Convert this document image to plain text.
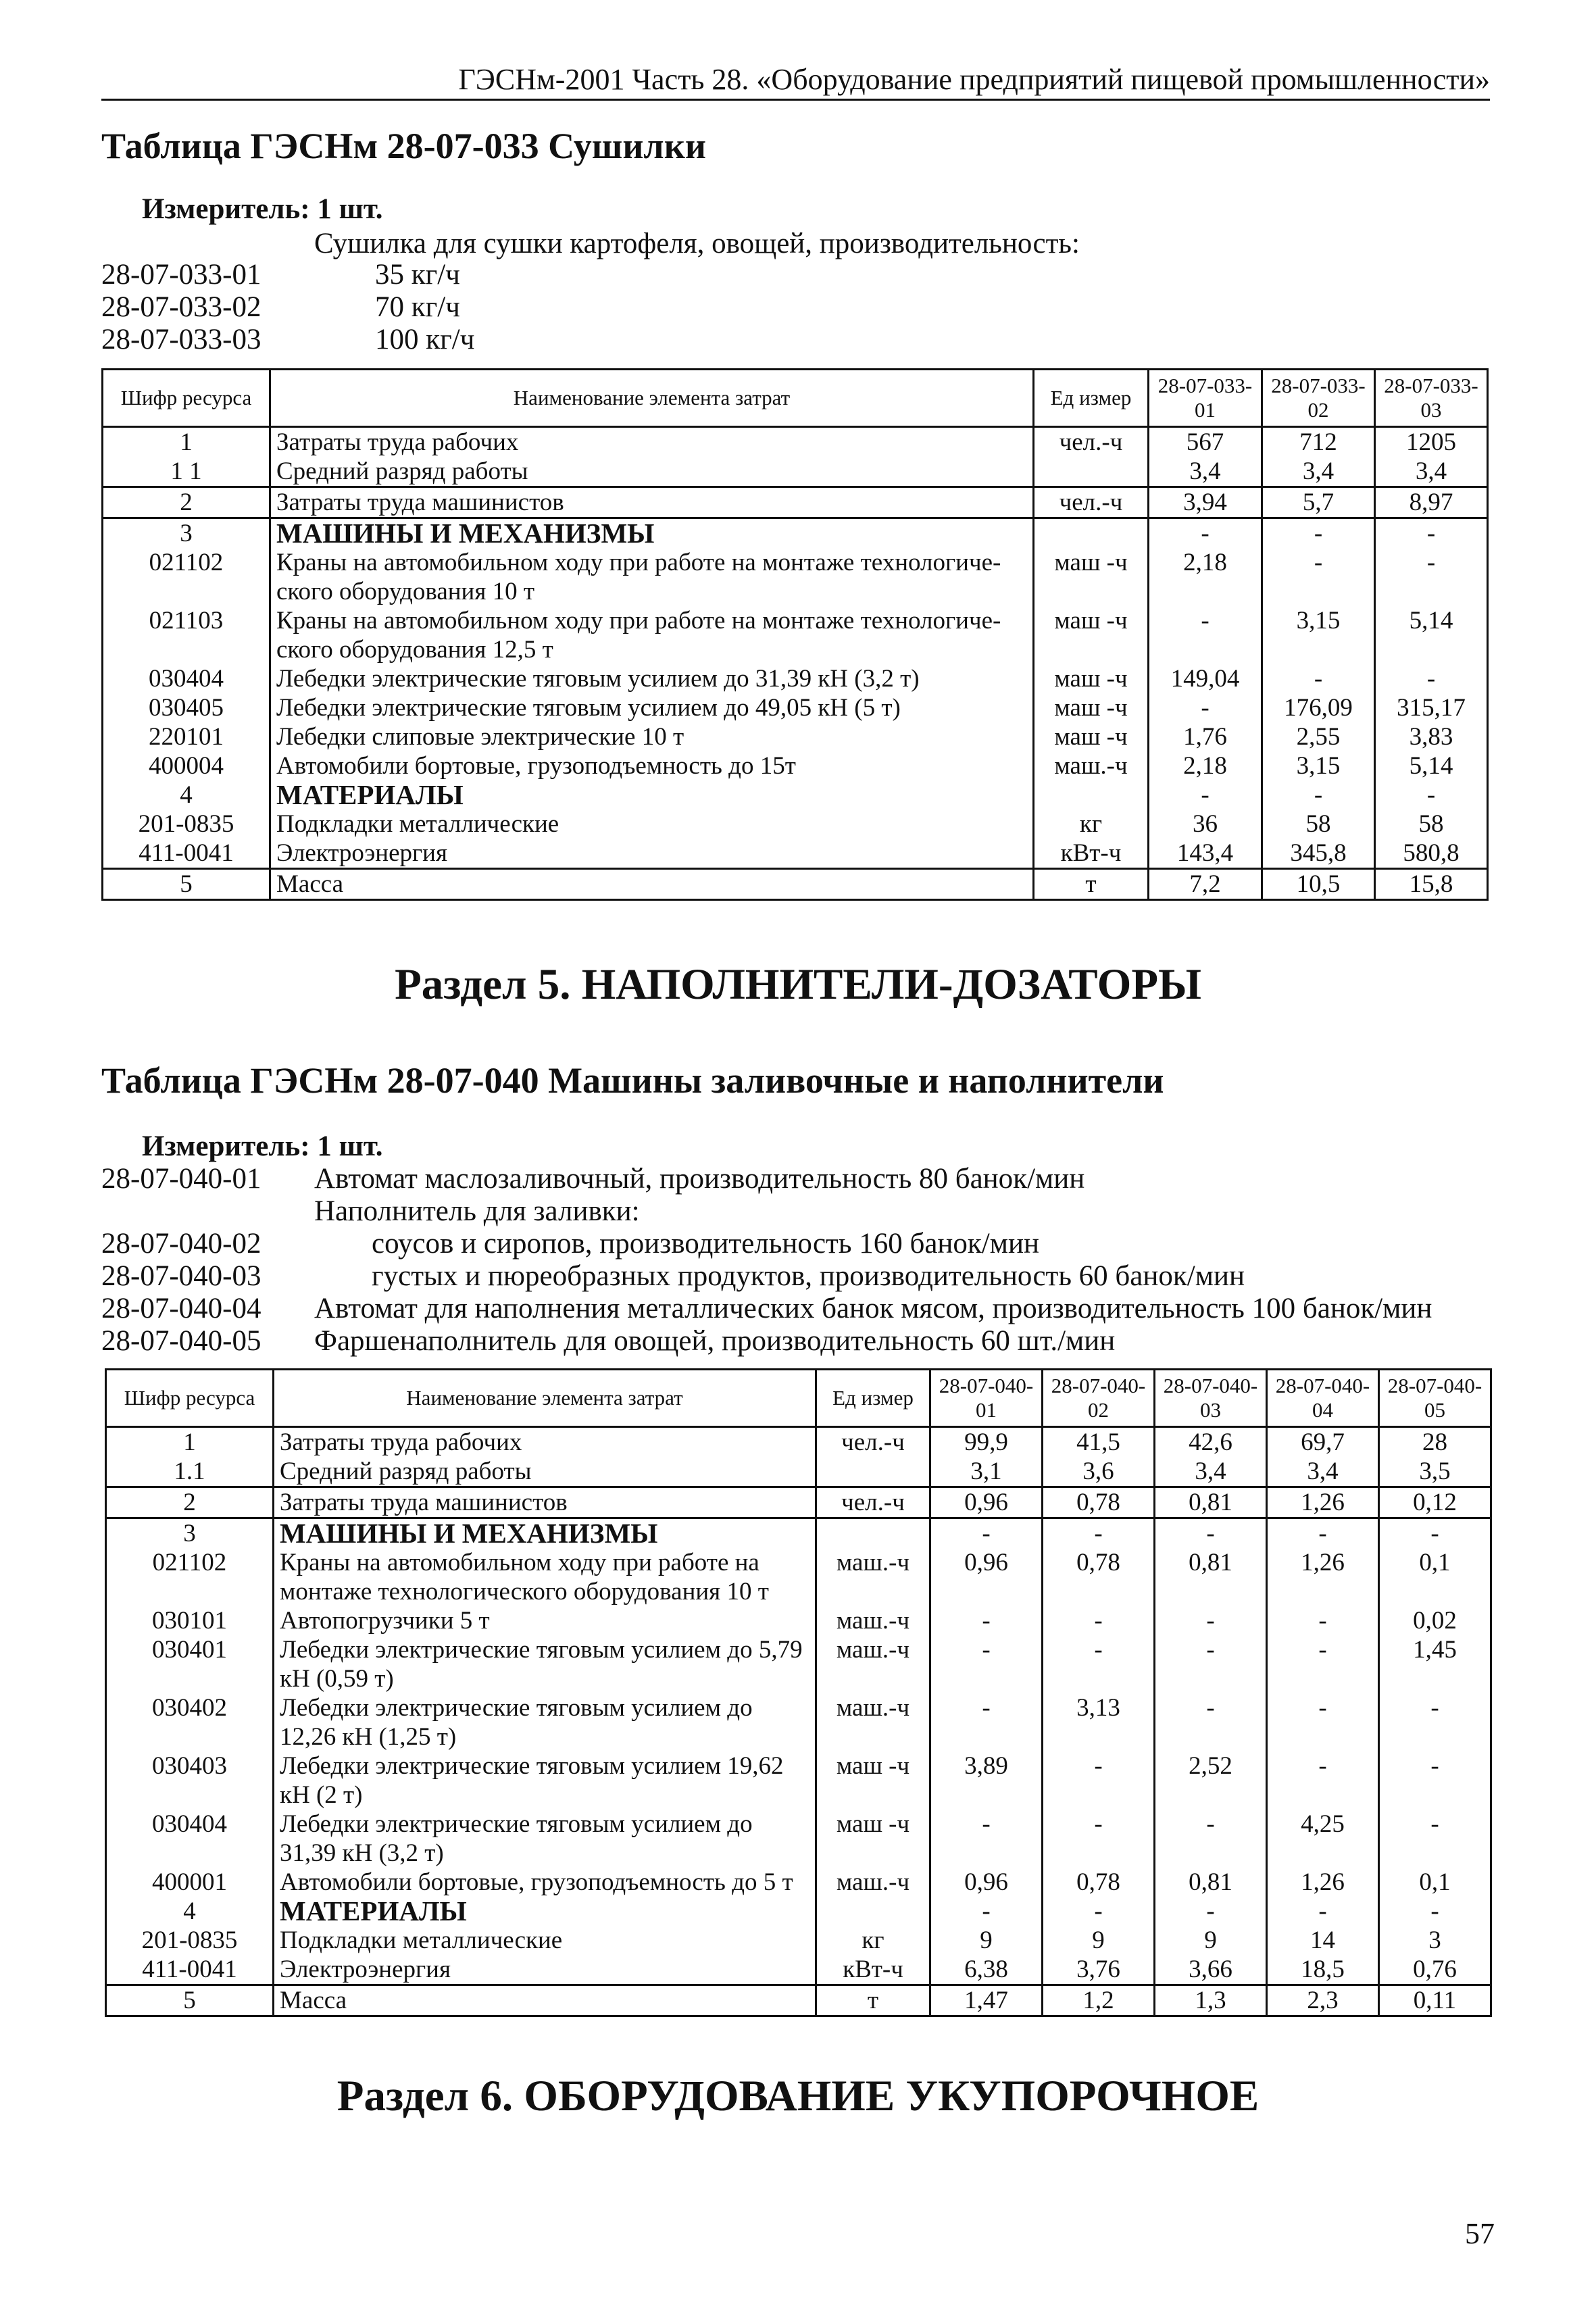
ГЭСНм-2001 Часть 28. «Оборудование предприятий пищевой промышленности»
Таблица ГЭСНм 28-07-033 Сушилки
Измеритель: 1 шт.
Сушилка для сушки картофеля, овощей, производительность:
28-07-033-01	35 кг/ч
28-07-033-02	70 кг/ч
28-07-033-03	100 кг/ч
Шифр ресурса	Наименование элемента затрат	Ед измер	28-07-033-01	28-07-033-02	28-07-033-03
1	Затраты труда рабочих	чел.-ч	567	712	1205
1 1	Средний разряд работы		3,4	3,4	3,4
2	Затраты труда машинистов	чел.-ч	3,94	5,7	8,97
3	МАШИНЫ И МЕХАНИЗМЫ		-	-	-
021102	Краны на автомобильном ходу при работе на монтаже технологиче-ского оборудования 10 т	маш -ч	2,18	-	-
021103	Краны на автомобильном ходу при работе на монтаже технологиче-ского оборудования 12,5 т	маш -ч	-	3,15	5,14
030404	Лебедки электрические тяговым усилием до 31,39 кН (3,2 т)	маш -ч	149,04	-	-
030405	Лебедки электрические тяговым усилием до 49,05 кН (5 т)	маш -ч	-	176,09	315,17
220101	Лебедки слиповые электрические 10 т	маш -ч	1,76	2,55	3,83
400004	Автомобили бортовые, грузоподъемность до 15т	маш.-ч	2,18	3,15	5,14
4	МАТЕРИАЛЫ		-	-	-
201-0835	Подкладки металлические	кг	36	58	58
411-0041	Электроэнергия	кВт-ч	143,4	345,8	580,8
5	Масса	т	7,2	10,5	15,8
Раздел 5. НАПОЛНИТЕЛИ-ДОЗАТОРЫ
Таблица ГЭСНм 28-07-040 Машины заливочные и наполнители
Измеритель: 1 шт.
28-07-040-01 Автомат маслозаливочный, производительность 80 банок/мин
Наполнитель для заливки:
28-07-040-02	соусов и сиропов, производительность 160 банок/мин
28-07-040-03	густых и пюреобразных продуктов, производительность 60 банок/мин
28-07-040-04 Автомат для наполнения металлических банок мясом, производительность 100 банок/мин
28-07-040-05 Фаршенаполнитель для овощей, производительность 60 шт./мин
Шифр ресурса	Наименование элемента затрат	Ед измер	28-07-040-01	28-07-040-02	28-07-040-03	28-07-040-04	28-07-040-05
1	Затраты труда рабочих	чел.-ч	99,9	41,5	42,6	69,7	28
1.1	Средний разряд работы		3,1	3,6	3,4	3,4	3,5
2	Затраты труда машинистов	чел.-ч	0,96	0,78	0,81	1,26	0,12
3	МАШИНЫ И МЕХАНИЗМЫ		-	-	-	-	-
021102	Краны на автомобильном ходу при работе на монтаже технологического оборудования 10 т	маш.-ч	0,96	0,78	0,81	1,26	0,1
030101	Автопогрузчики 5 т	маш.-ч	-	-	-	-	0,02
030401	Лебедки электрические тяговым усилием до 5,79 кН (0,59 т)	маш.-ч	-	-	-	-	1,45
030402	Лебедки электрические тяговым усилием до 12,26 кН (1,25 т)	маш.-ч	-	3,13	-	-	-
030403	Лебедки электрические тяговым усилием 19,62 кН (2 т)	маш -ч	3,89	-	2,52	-	-
030404	Лебедки электрические тяговым усилием до 31,39 кН (3,2 т)	маш -ч	-	-	-	4,25	-
400001	Автомобили бортовые, грузоподъемность до 5 т	маш.-ч	0,96	0,78	0,81	1,26	0,1
4	МАТЕРИАЛЫ		-	-	-	-	-
201-0835	Подкладки металлические	кг	9	9	9	14	3
411-0041	Электроэнергия	кВт-ч	6,38	3,76	3,66	18,5	0,76
5	Масса	т	1,47	1,2	1,3	2,3	0,11
Раздел 6. ОБОРУДОВАНИЕ УКУПОРОЧНОЕ
57
